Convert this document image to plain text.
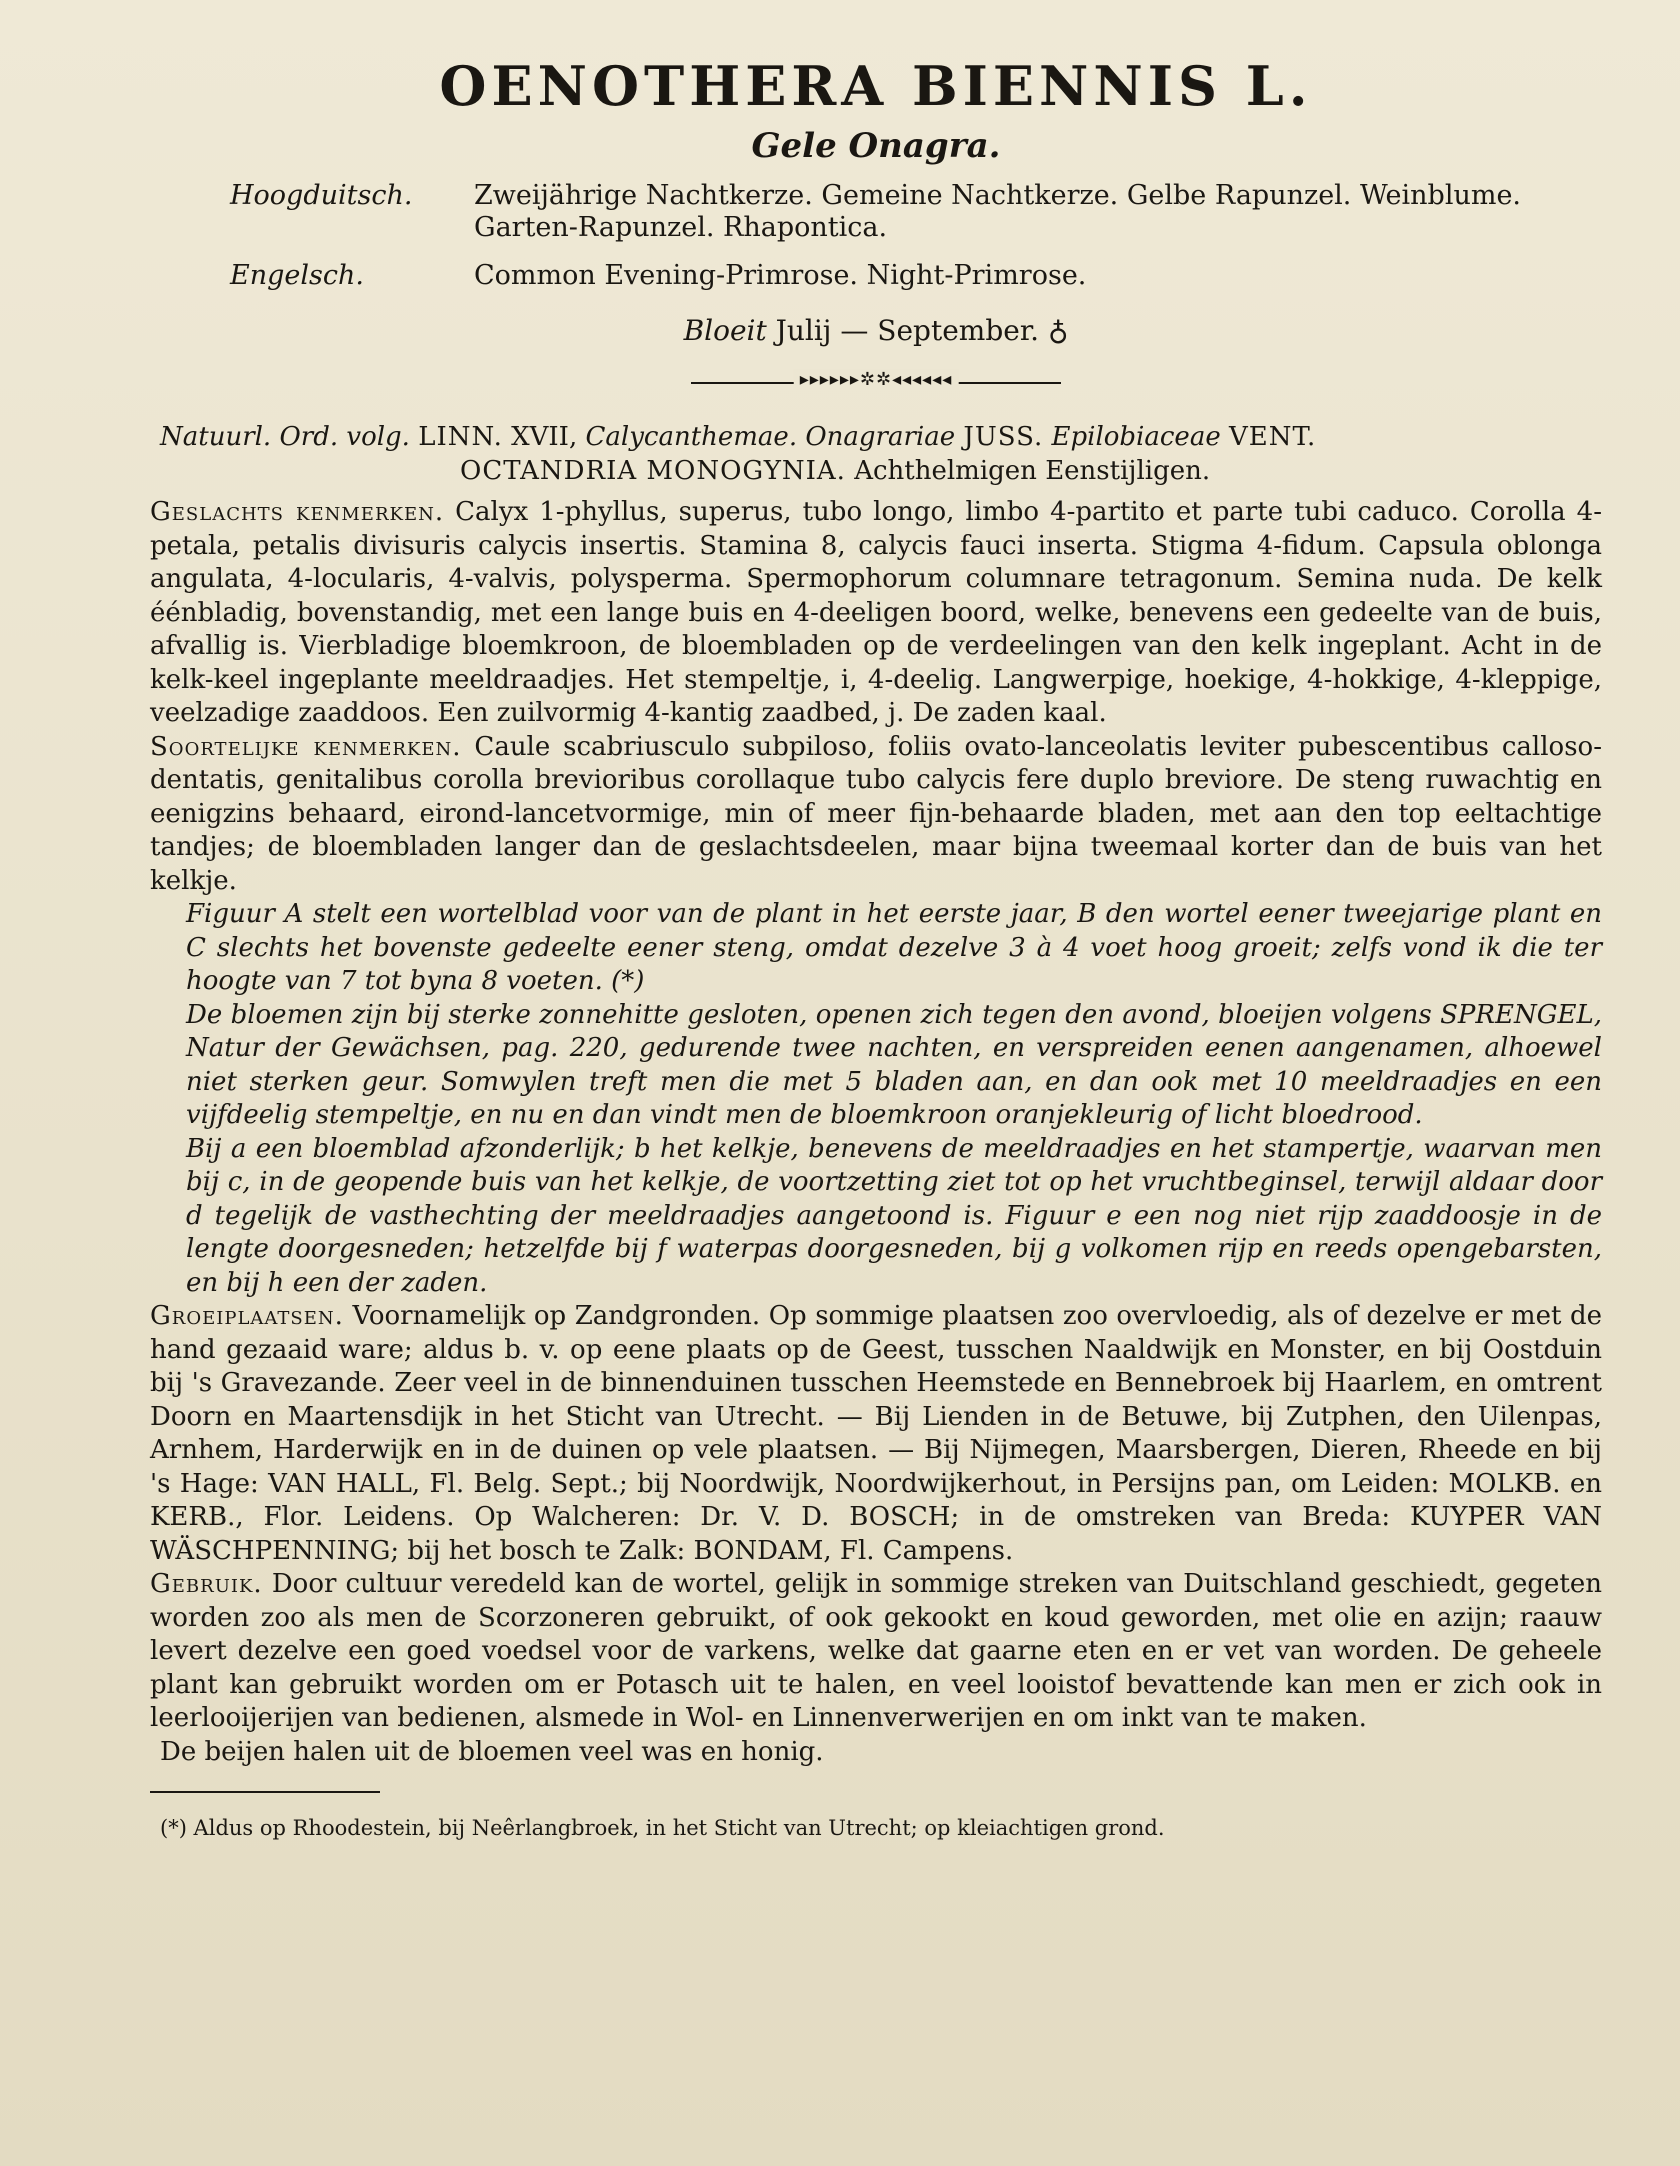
OENOTHERA BIENNIS L.
Gele Onagra.
Hoogduitsch.	Zweijährige Nachtkerze. Gemeine Nachtkerze. Gelbe Rapunzel. Weinblume. Garten-Rapunzel. Rhapontica.
Engelsch.	Common Evening-Primrose. Night-Primrose.
Bloeit Julij — September. ♁
▸▸▸▸▸▸✲✲◂◂◂◂◂◂

Natuurl. Ord. volg. LINN. XVII, Calycanthemae. Onagrariae JUSS. Epilobiaceae VENT.
OCTANDRIA MONOGYNIA. Achthelmigen Eenstijligen.

Geslachts kenmerken. Calyx 1-phyllus, superus, tubo longo, limbo 4-partito et parte tubi caduco. Corolla 4-petala, petalis divisuris calycis insertis. Stamina 8, calycis fauci inserta. Stigma 4-fidum. Capsula oblonga angulata, 4-locularis, 4-valvis, polysperma. Spermophorum columnare tetragonum. Semina nuda. De kelk éénbladig, bovenstandig, met een lange buis en 4-deeligen boord, welke, benevens een gedeelte van de buis, afvallig is. Vierbladige bloemkroon, de bloembladen op de verdeelingen van den kelk ingeplant. Acht in de kelk-keel ingeplante meeldraadjes. Het stempeltje, i, 4-deelig. Langwerpige, hoekige, 4-hokkige, 4-kleppige, veelzadige zaaddoos. Een zuilvormig 4-kantig zaadbed, j. De zaden kaal.

Soortelijke kenmerken. Caule scabriusculo subpiloso, foliis ovato-lanceolatis leviter pubescentibus calloso-dentatis, genitalibus corolla brevioribus corollaque tubo calycis fere duplo breviore. De steng ruwachtig en eenigzins behaard, eirond-lancetvormige, min of meer fijn-behaarde bladen, met aan den top eeltachtige tandjes; de bloembladen langer dan de geslachtsdeelen, maar bijna tweemaal korter dan de buis van het kelkje.

Figuur A stelt een wortelblad voor van de plant in het eerste jaar, B den wortel eener tweejarige plant en C slechts het bovenste gedeelte eener steng, omdat dezelve 3 à 4 voet hoog groeit; zelfs vond ik die ter hoogte van 7 tot byna 8 voeten. (*)

De bloemen zijn bij sterke zonnehitte gesloten, openen zich tegen den avond, bloeijen volgens SPRENGEL, Natur der Gewächsen, pag. 220, gedurende twee nachten, en verspreiden eenen aangenamen, alhoewel niet sterken geur. Somwylen treft men die met 5 bladen aan, en dan ook met 10 meeldraadjes en een vijfdeelig stempeltje, en nu en dan vindt men de bloemkroon oranjekleurig of licht bloedrood.

Bij a een bloemblad afzonderlijk; b het kelkje, benevens de meeldraadjes en het stampertje, waarvan men bij c, in de geopende buis van het kelkje, de voortzetting ziet tot op het vruchtbeginsel, terwijl aldaar door d tegelijk de vasthechting der meeldraadjes aangetoond is. Figuur e een nog niet rijp zaaddoosje in de lengte doorgesneden; hetzelfde bij f waterpas doorgesneden, bij g volkomen rijp en reeds opengebarsten, en bij h een der zaden.

Groeiplaatsen. Voornamelijk op Zandgronden. Op sommige plaatsen zoo overvloedig, als of dezelve er met de hand gezaaid ware; aldus b. v. op eene plaats op de Geest, tusschen Naaldwijk en Monster, en bij Oostduin bij 's Gravezande. Zeer veel in de binnenduinen tusschen Heemstede en Bennebroek bij Haarlem, en omtrent Doorn en Maartensdijk in het Sticht van Utrecht. — Bij Lienden in de Betuwe, bij Zutphen, den Uilenpas, Arnhem, Harderwijk en in de duinen op vele plaatsen. — Bij Nijmegen, Maarsbergen, Dieren, Rheede en bij 's Hage: VAN HALL, Fl. Belg. Sept.; bij Noordwijk, Noordwijkerhout, in Persijns pan, om Leiden: MOLKB. en KERB., Flor. Leidens. Op Walcheren: Dr. V. D. BOSCH; in de omstreken van Breda: KUYPER VAN WÄSCHPENNING; bij het bosch te Zalk: BONDAM, Fl. Campens.

Gebruik. Door cultuur veredeld kan de wortel, gelijk in sommige streken van Duitschland geschiedt, gegeten worden zoo als men de Scorzoneren gebruikt, of ook gekookt en koud geworden, met olie en azijn; raauw levert dezelve een goed voedsel voor de varkens, welke dat gaarne eten en er vet van worden. De geheele plant kan gebruikt worden om er Potasch uit te halen, en veel looistof bevattende kan men er zich ook in leerlooijerijen van bedienen, alsmede in Wol- en Linnenverwerijen en om inkt van te maken.

De beijen halen uit de bloemen veel was en honig.

(*) Aldus op Rhoodestein, bij Neêrlangbroek, in het Sticht van Utrecht; op kleiachtigen grond.
